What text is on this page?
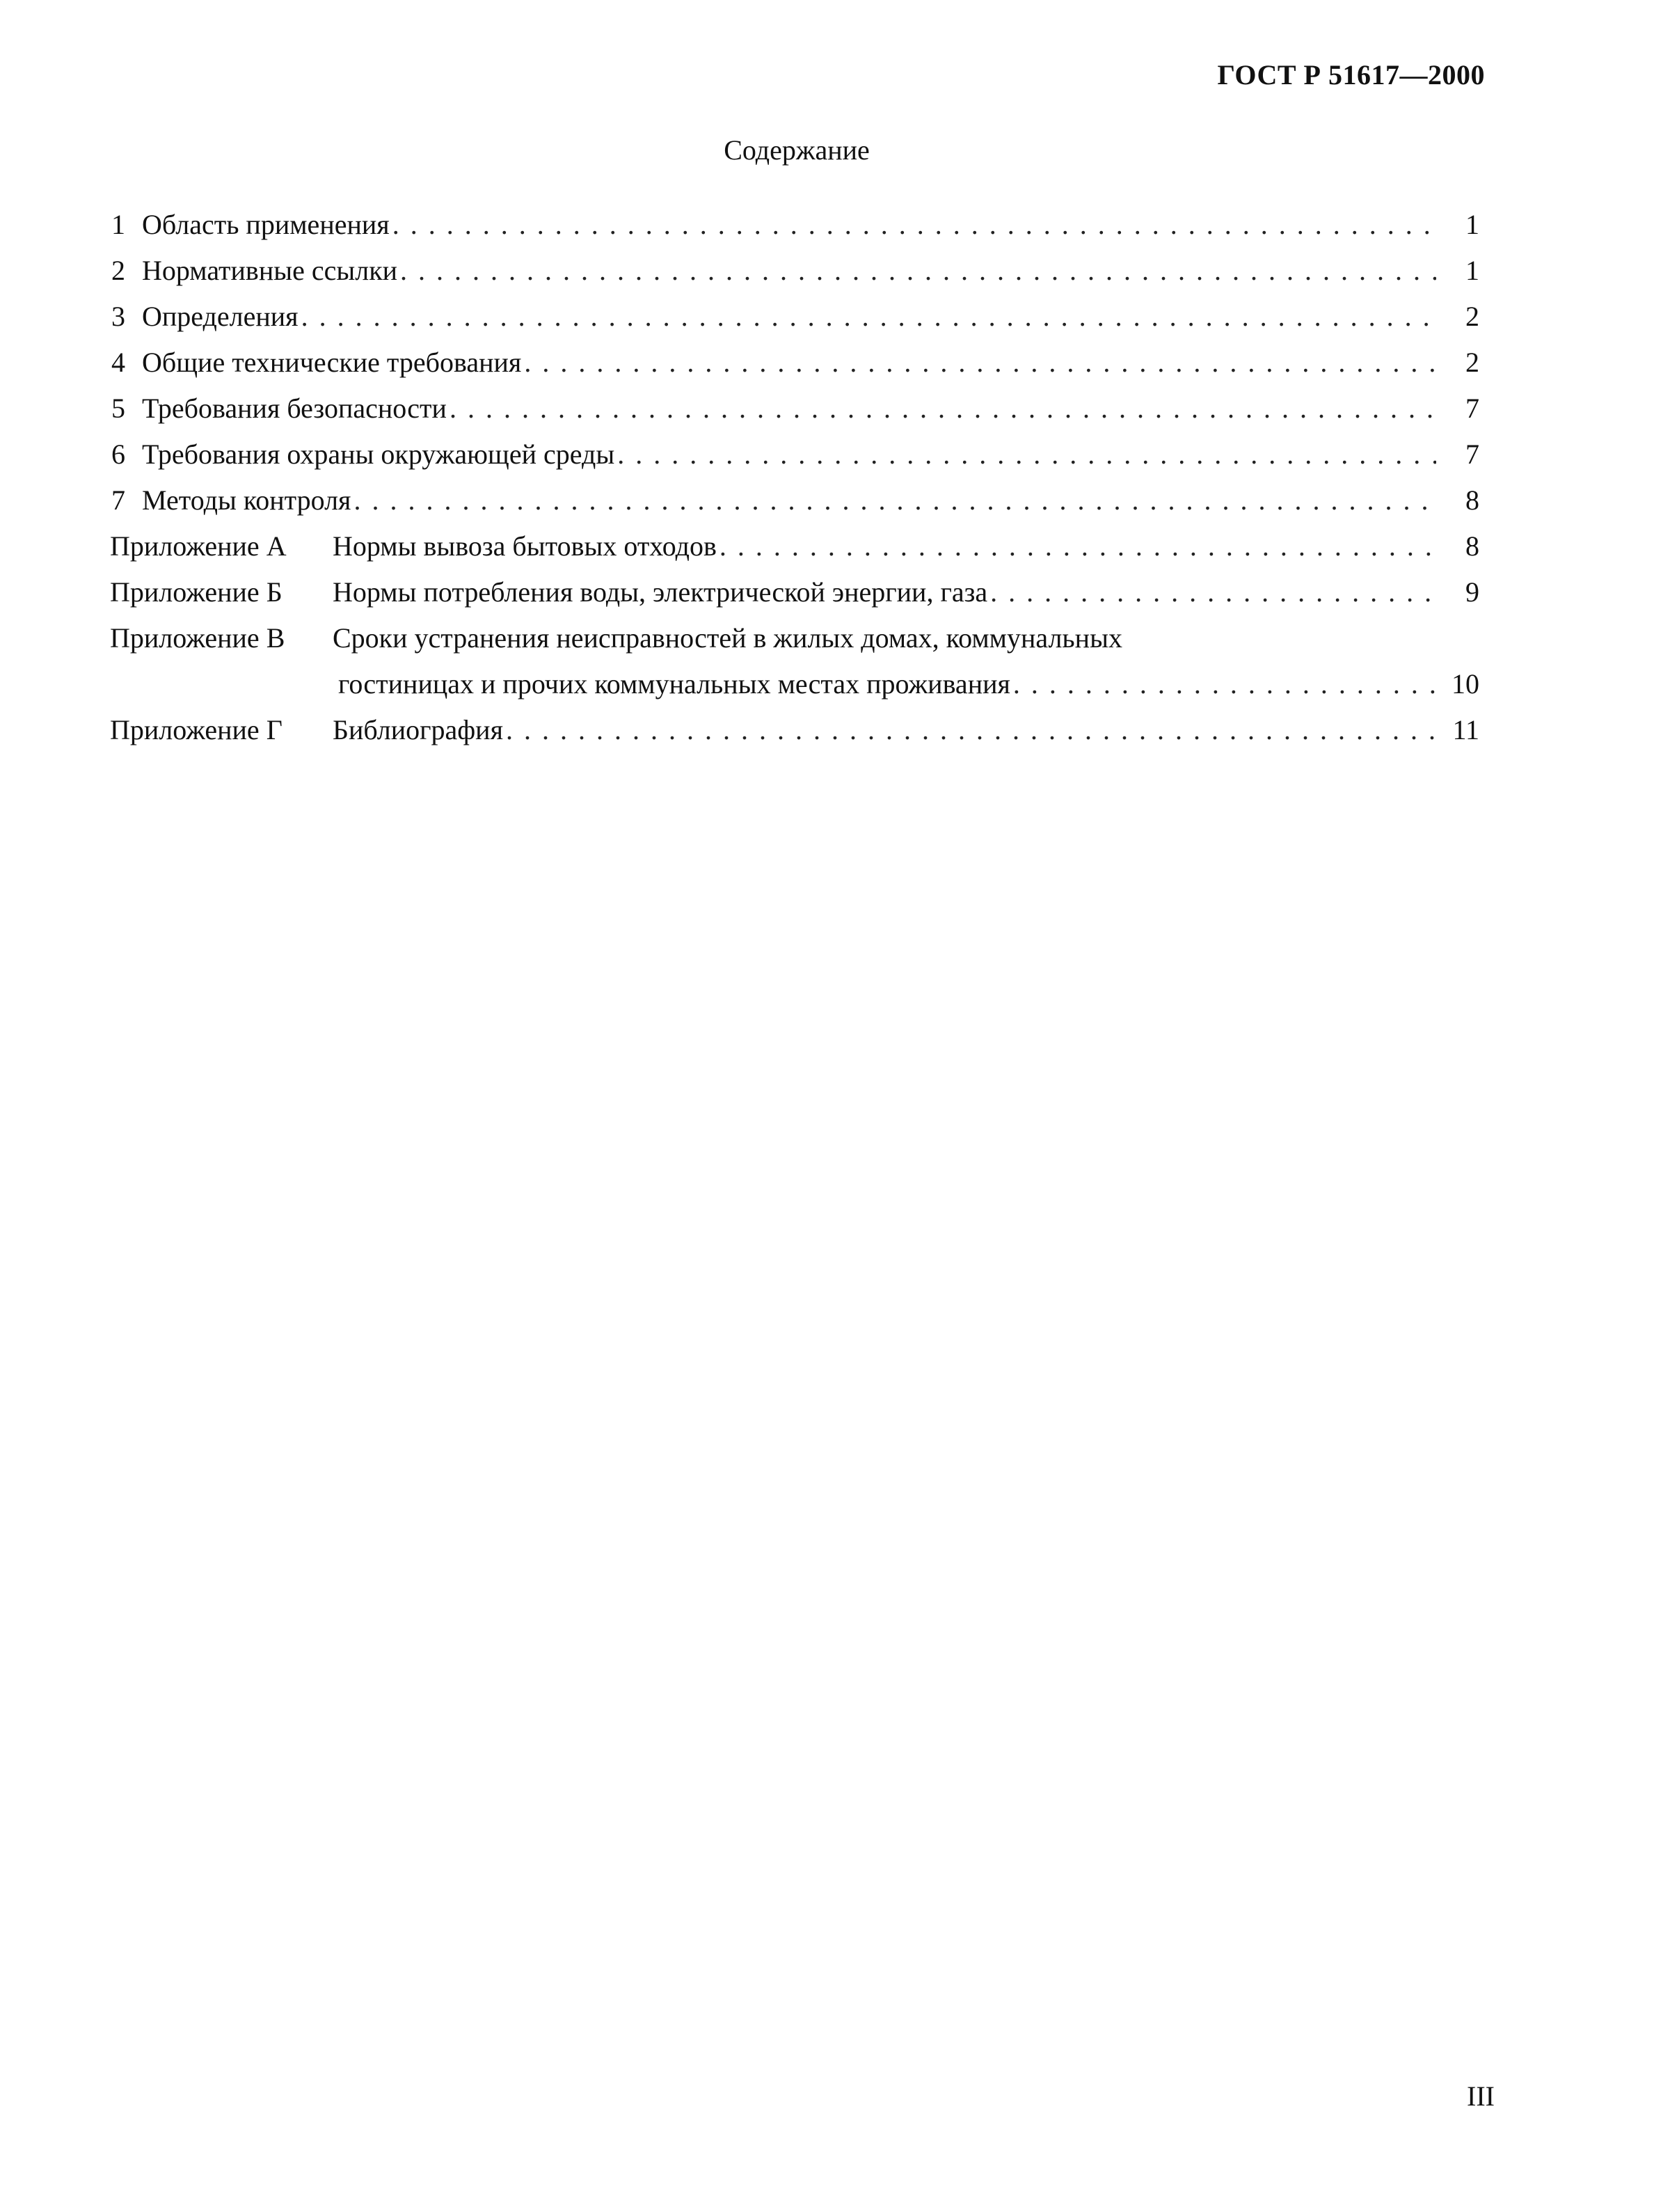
ГОСТ Р 51617—2000
Содержание
1 Область применения . . .	1
2 Нормативные ссылки . . .	1
3 Определения . . .	2
4 Общие технические требования . . .	2
5 Требования безопасности . . .	7
6 Требования охраны окружающей среды . . .	7
7 Методы контроля . . .	8
Приложение А	Нормы вывоза бытовых отходов . . .	8
Приложение Б	Нормы потребления воды, электрической энергии, газа . . .	9
Приложение В	Сроки устранения неисправностей в жилых домах, коммунальных
гостиницах и прочих коммунальных местах проживания . . .	10
Приложение Г	Библиография . . .	11
III
